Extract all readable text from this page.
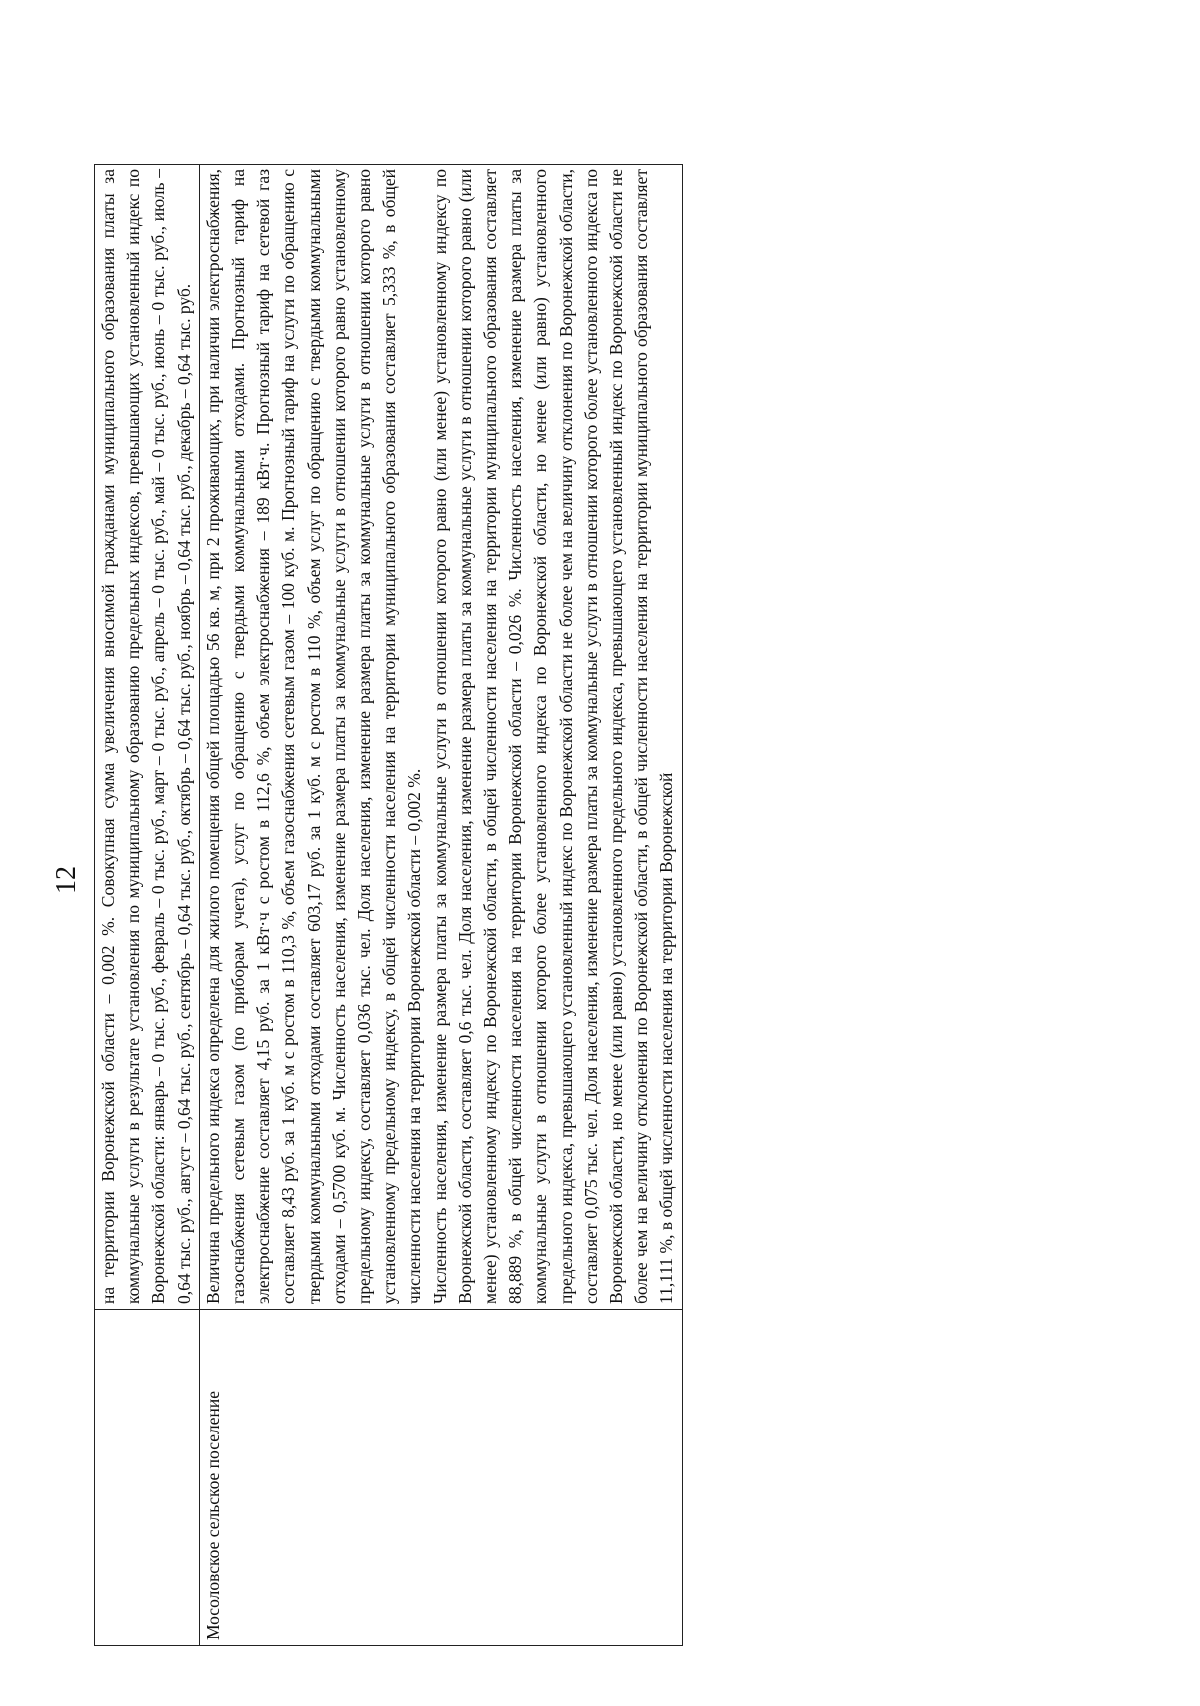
12

	на территории Воронежской области – 0,002 %. Совокупная сумма увеличения вносимой гражданами муниципального образования платы за коммунальные услуги в результате установления по муниципальному образованию предельных индексов, превышающих установленный индекс по Воронежской области: январь – 0 тыс. руб., февраль – 0 тыс. руб., март – 0 тыс. руб., апрель – 0 тыс. руб., май – 0 тыс. руб., июнь – 0 тыс. руб., июль – 0,64 тыс. руб., август – 0,64 тыс. руб., сентябрь – 0,64 тыс. руб., октябрь – 0,64 тыс. руб., ноябрь – 0,64 тыс. руб., декабрь – 0,64 тыс. руб.

Мосоловское сельское поселение	Величина предельного индекса определена для жилого помещения общей площадью 56 кв. м, при 2 проживающих, при наличии электроснабжения, газоснабжения сетевым газом (по приборам учета), услуг по обращению с твердыми коммунальными отходами. Прогнозный тариф на электроснабжение составляет 4,15 руб. за 1 кВт·ч с ростом в 112,6 %, объем электроснабжения – 189 кВт·ч. Прогнозный тариф на сетевой газ составляет 8,43 руб. за 1 куб. м с ростом в 110,3 %, объем газоснабжения сетевым газом – 100 куб. м. Прогнозный тариф на услуги по обращению с твердыми коммунальными отходами составляет 603,17 руб. за 1 куб. м с ростом в 110 %, объем услуг по обращению с твердыми коммунальными отходами – 0,5700 куб. м. Численность населения, изменение размера платы за коммунальные услуги в отношении которого равно установленному предельному индексу, составляет 0,036 тыс. чел. Доля населения, изменение размера платы за коммунальные услуги в отношении которого равно установленному предельному индексу, в общей численности населения на территории муниципального образования составляет 5,333 %, в общей численности населения на территории Воронежской области – 0,002 %. Численность населения, изменение размера платы за коммунальные услуги в отношении которого равно (или менее) установленному индексу по Воронежской области, составляет 0,6 тыс. чел. Доля населения, изменение размера платы за коммунальные услуги в отношении которого равно (или менее) установленному индексу по Воронежской области, в общей численности населения на территории муниципального образования составляет 88,889 %, в общей численности населения на территории Воронежской области – 0,026 %. Численность населения, изменение размера платы за коммунальные услуги в отношении которого более установленного индекса по Воронежской области, но менее (или равно) установленного предельного индекса, превышающего установленный индекс по Воронежской области не более чем на величину отклонения по Воронежской области, составляет 0,075 тыс. чел. Доля населения, изменение размера платы за коммунальные услуги в отношении которого более установленного индекса по Воронежской области, но менее (или равно) установленного предельного индекса, превышающего установленный индекс по Воронежской области не более чем на величину отклонения по Воронежской области, в общей численности населения на территории муниципального образования составляет 11,111 %, в общей численности населения на территории Воронежской
